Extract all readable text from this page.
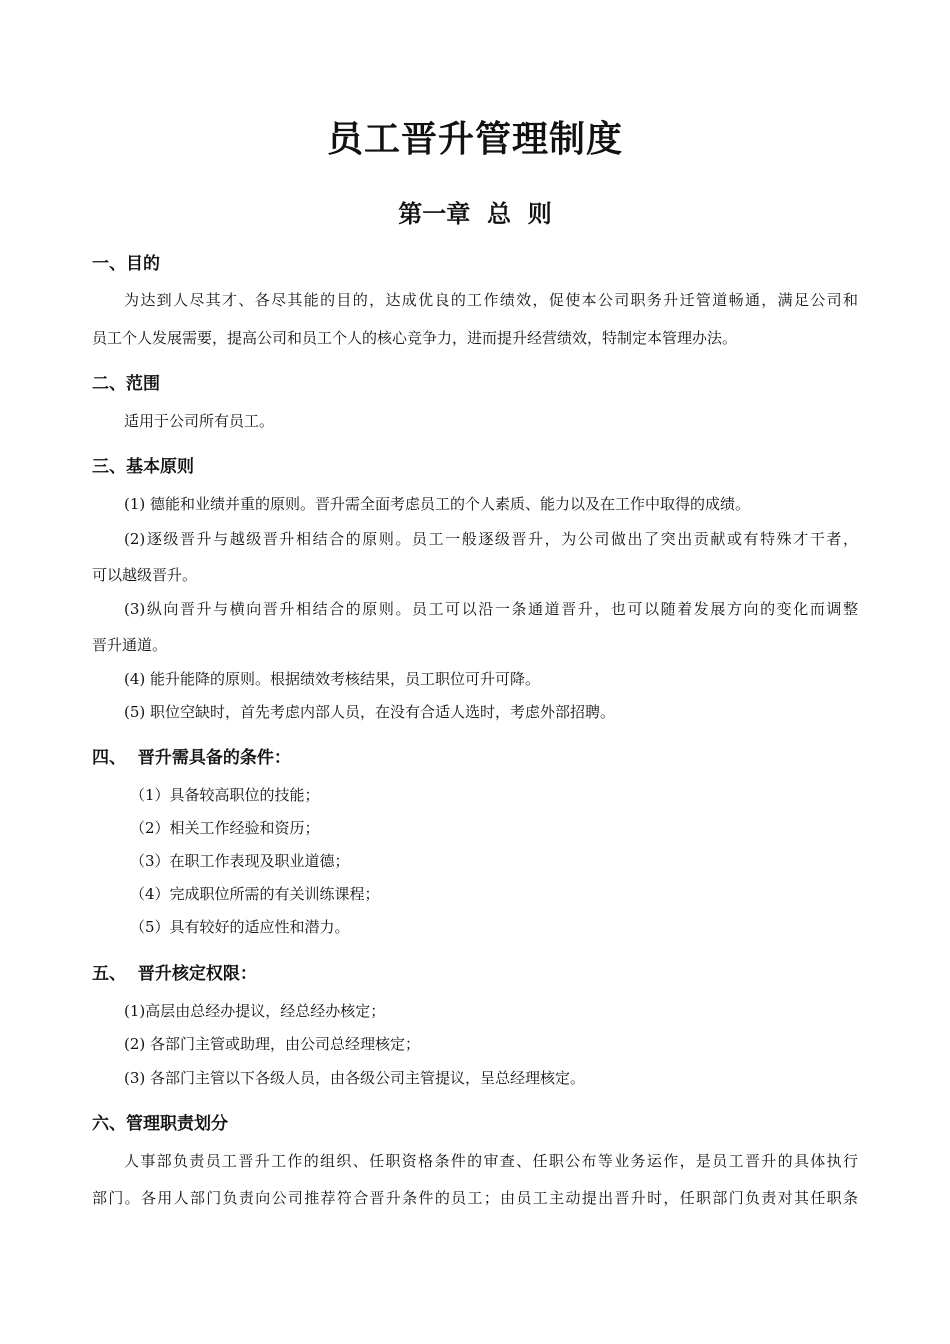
员工晋升管理制度
第一章  总  则
一、目的
为达到人尽其才、各尽其能的目的，达成优良的工作绩效，促使本公司职务升迁管道畅通，满足公司和
员工个人发展需要，提高公司和员工个人的核心竞争力，进而提升经营绩效，特制定本管理办法。
二、范围
适用于公司所有员工。
三、基本原则
(1) 德能和业绩并重的原则。晋升需全面考虑员工的个人素质、能力以及在工作中取得的成绩。
(2)逐级晋升与越级晋升相结合的原则。员工一般逐级晋升，为公司做出了突出贡献或有特殊才干者，
可以越级晋升。
(3)纵向晋升与横向晋升相结合的原则。员工可以沿一条通道晋升，也可以随着发展方向的变化而调整
晋升通道。
(4) 能升能降的原则。根据绩效考核结果，员工职位可升可降。
(5) 职位空缺时，首先考虑内部人员，在没有合适人选时，考虑外部招聘。
四、  晋升需具备的条件：
（1）具备较高职位的技能；
（2）相关工作经验和资历；
（3）在职工作表现及职业道德；
（4）完成职位所需的有关训练课程；
（5）具有较好的适应性和潜力。
五、  晋升核定权限：
(1)高层由总经办提议，经总经办核定；
(2) 各部门主管或助理，由公司总经理核定；
(3) 各部门主管以下各级人员，由各级公司主管提议，呈总经理核定。
六、管理职责划分
人事部负责员工晋升工作的组织、任职资格条件的审查、任职公布等业务运作，是员工晋升的具体执行
部门。各用人部门负责向公司推荐符合晋升条件的员工；由员工主动提出晋升时，任职部门负责对其任职条
